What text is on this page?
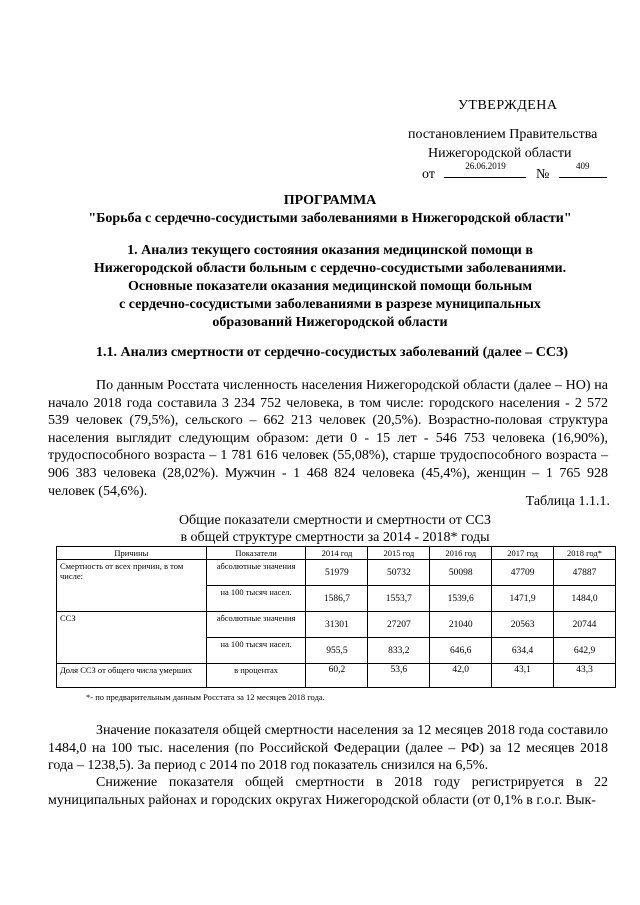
УТВЕРЖДЕНА
постановлением Правительства
Нижегородской области
от
26.06.2019
№
409
ПРОГРАММА
"Борьба с сердечно-сосудистыми заболеваниями в Нижегородской области"
1. Анализ текущего состояния оказания медицинской помощи в
Нижегородской области больным с сердечно-сосудистыми заболеваниями.
Основные показатели оказания медицинской помощи больным
с сердечно-сосудистыми заболеваниями в разрезе муниципальных
образований Нижегородской области
1.1. Анализ смертности от сердечно-сосудистых заболеваний (далее – ССЗ)

По данным Росстата численность населения Нижегородской области (далее – НО) на начало 2018 года составила 3 234 752 человека, в том числе: городского населения - 2 572 539 человек (79,5%), сельского – 662 213 человек (20,5%). Возрастно-половая структура населения выглядит следующим образом: дети 0 - 15 лет - 546 753 человека (16,90%), трудоспособного возраста – 1 781 616 человек (55,08%), старше трудоспособного возраста – 906 383 человека (28,02%). Мужчин - 1 468 824 человека (45,4%), женщин – 1 765 928 человек (54,6%).

Таблица 1.1.1.
Общие показатели смертности и смертности от ССЗ
в общей структуре смертности за 2014 - 2018* годы
Причины	Показатели	2014 год	2015 год	2016 год	2017 год	2018 год*
Смертность от всех причин, в том числе:	абсолютные значения	51979	50732	50098	47709	47887
	на 100 тысяч насел.	1586,7	1553,7	1539,6	1471,9	1484,0
ССЗ	абсолютные значения	31301	27207	21040	20563	20744
	на 100 тысяч насел.	955,5	833,2	646,6	634,4	642,9
Доля ССЗ от общего числа умерших	в процентах	60,2	53,6	42,0	43,1	43,3
*- по предварительным данным Росстата за 12 месяцев 2018 года.

Значение показателя общей смертности населения за 12 месяцев 2018 года составило 1484,0 на 100 тыс. населения (по Российской Федерации (далее – РФ) за 12 месяцев 2018 года – 1238,5). За период с 2014 по 2018 год показатель снизился на 6,5%.

Снижение показателя общей смертности в 2018 году регистрируется в 22 муниципальных районах и городских округах Нижегородской области (от 0,1% в г.о.г. Вык-
